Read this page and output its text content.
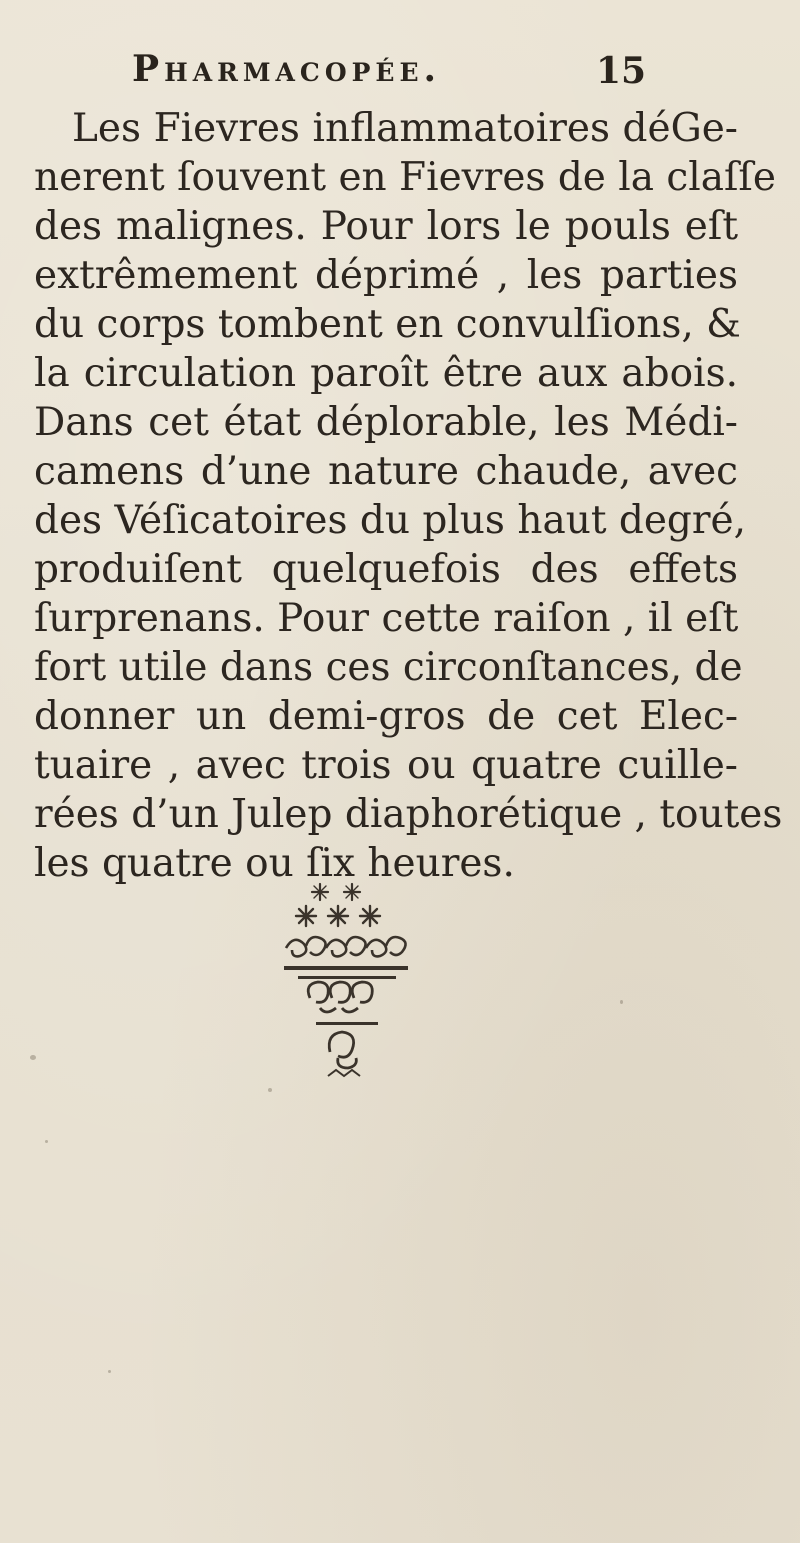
Pharmacopée.	15
Les Fievres inflammatoires déGe-
nerent ſouvent en Fievres de la claſſe
des malignes. Pour lors le pouls eſt
extrêmement déprimé , les parties
du corps tombent en convulſions, &
la circulation paroît être aux abois.
Dans cet état déplorable, les Médi-
camens d’une nature chaude, avec
des Véſicatoires du plus haut degré,
produiſent quelquefois des effets
ſurprenans. Pour cette raiſon , il eſt
fort utile dans ces circonſtances, de
donner un demi-gros de cet Elec-
tuaire , avec trois ou quatre cuille-
rées d’un Julep diaphorétique , toutes
les quatre ou ſix heures.
